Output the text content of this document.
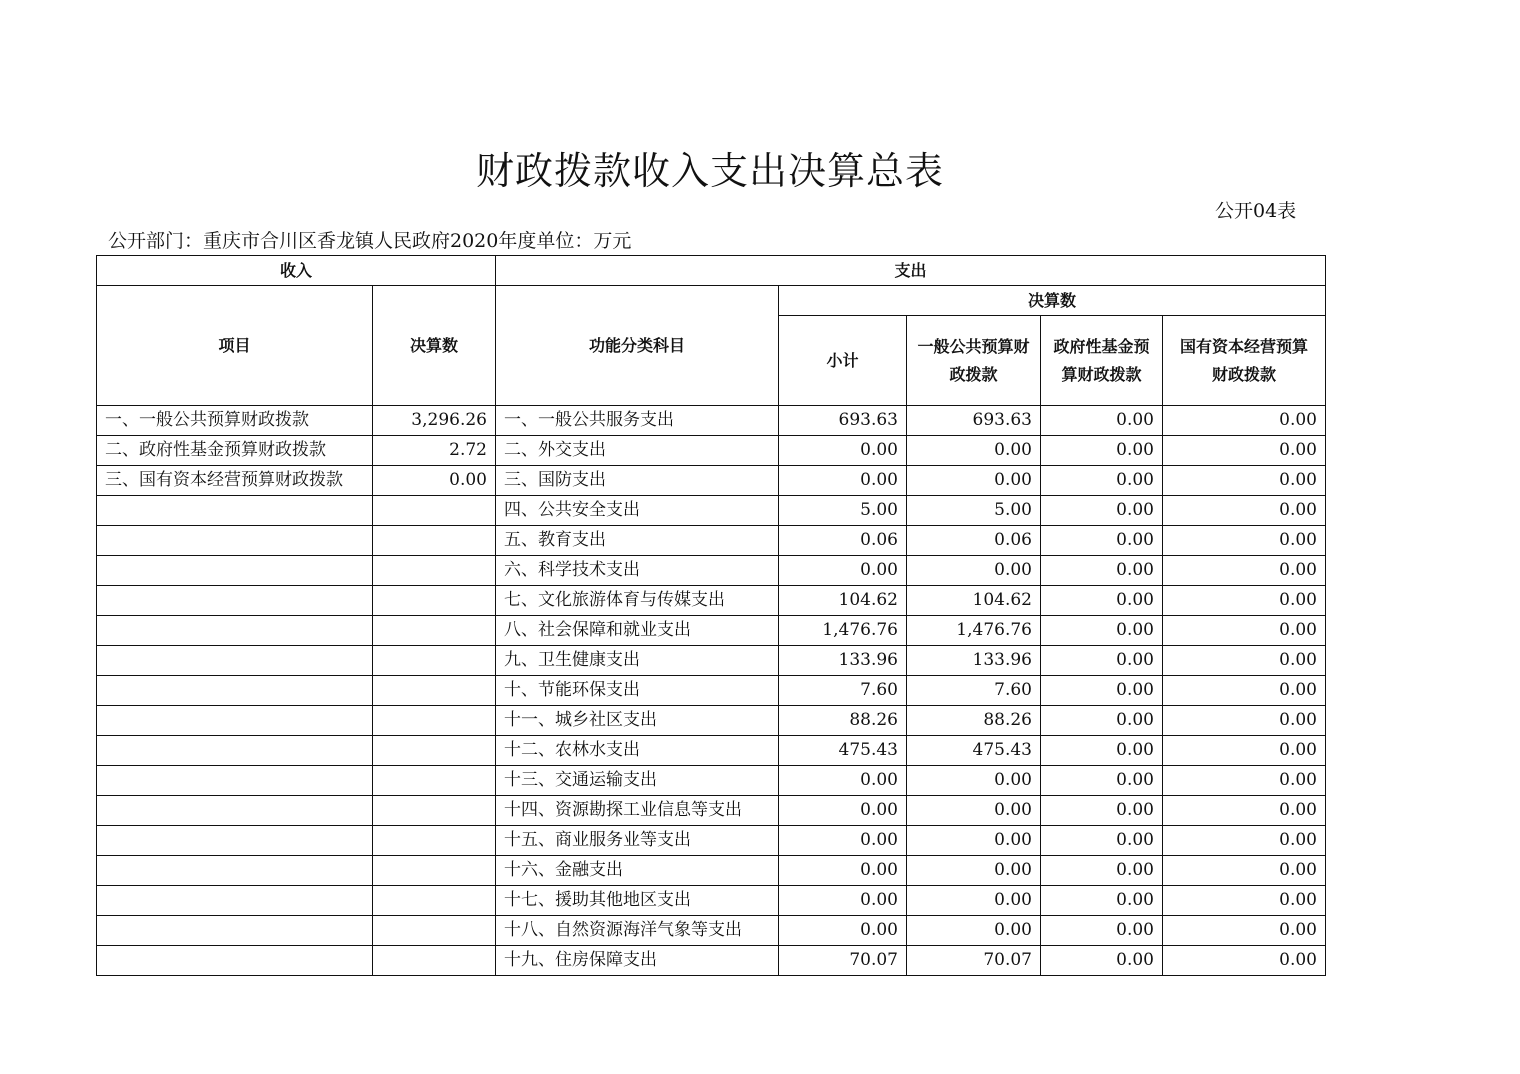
财政拨款收入支出决算总表
公开04表
公开部门：重庆市合川区香龙镇人民政府2020年度单位：万元
收入		支出				
项目	决算数	功能分类科目	决算数			
			小计	一般公共预算财政拨款	政府性基金预算财政拨款	国有资本经营预算财政拨款

一、一般公共预算财政拨款	3,296.26	一、一般公共服务支出	693.63	693.63	0.00	0.00
二、政府性基金预算财政拨款	2.72	二、外交支出	0.00	0.00	0.00	0.00
三、国有资本经营预算财政拨款	0.00	三、国防支出	0.00	0.00	0.00	0.00
		四、公共安全支出	5.00	5.00	0.00	0.00
		五、教育支出	0.06	0.06	0.00	0.00
		六、科学技术支出	0.00	0.00	0.00	0.00
		七、文化旅游体育与传媒支出	104.62	104.62	0.00	0.00
		八、社会保障和就业支出	1,476.76	1,476.76	0.00	0.00
		九、卫生健康支出	133.96	133.96	0.00	0.00
		十、节能环保支出	7.60	7.60	0.00	0.00
		十一、城乡社区支出	88.26	88.26	0.00	0.00
		十二、农林水支出	475.43	475.43	0.00	0.00
		十三、交通运输支出	0.00	0.00	0.00	0.00
		十四、资源勘探工业信息等支出	0.00	0.00	0.00	0.00
		十五、商业服务业等支出	0.00	0.00	0.00	0.00
		十六、金融支出	0.00	0.00	0.00	0.00
		十七、援助其他地区支出	0.00	0.00	0.00	0.00
		十八、自然资源海洋气象等支出	0.00	0.00	0.00	0.00
		十九、住房保障支出	70.07	70.07	0.00	0.00
